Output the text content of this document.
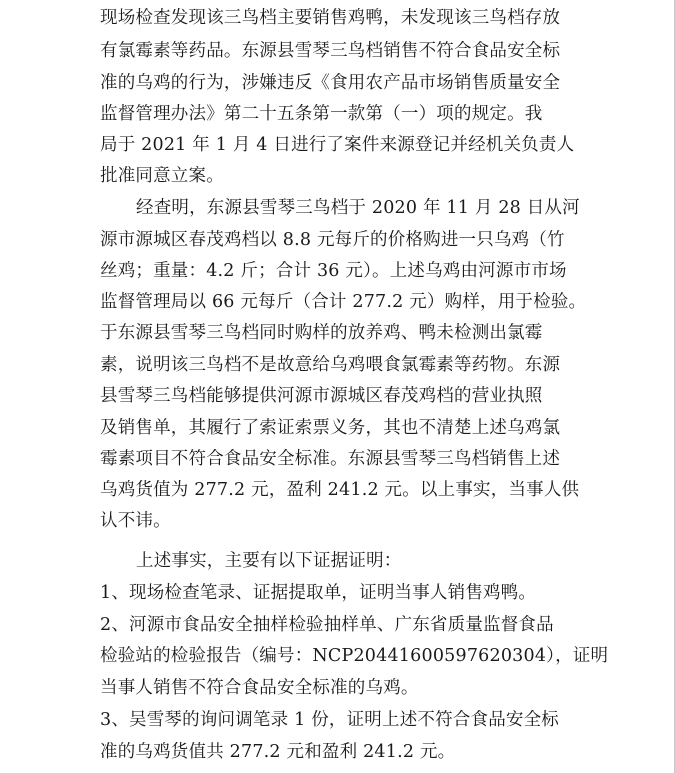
现场检查发现该三鸟档主要销售鸡鸭，未发现该三鸟档存放
有氯霉素等药品。东源县雪琴三鸟档销售不符合食品安全标
准的乌鸡的行为，涉嫌违反《食用农产品市场销售质量安全
监督管理办法》第二十五条第一款第（一）项的规定。我
局于 2021 年 1 月 4 日进行了案件来源登记并经机关负责人
批准同意立案。
经查明，东源县雪琴三鸟档于 2020 年 11 月 28 日从河
源市源城区春茂鸡档以 8.8 元每斤的价格购进一只乌鸡（竹
丝鸡；重量：4.2 斤；合计 36 元）。上述乌鸡由河源市市场
监督管理局以 66 元每斤（合计 277.2 元）购样，用于检验。
于东源县雪琴三鸟档同时购样的放养鸡、鸭未检测出氯霉
素，说明该三鸟档不是故意给乌鸡喂食氯霉素等药物。东源
县雪琴三鸟档能够提供河源市源城区春茂鸡档的营业执照
及销售单，其履行了索证索票义务，其也不清楚上述乌鸡氯
霉素项目不符合食品安全标准。东源县雪琴三鸟档销售上述
乌鸡货值为 277.2 元，盈利 241.2 元。以上事实，当事人供
认不讳。
上述事实，主要有以下证据证明：
1、现场检查笔录、证据提取单，证明当事人销售鸡鸭。
2、河源市食品安全抽样检验抽样单、广东省质量监督食品
检验站的检验报告（编号：NCP20441600597620304），证明
当事人销售不符合食品安全标准的乌鸡。
3、吴雪琴的询问调笔录 1 份，证明上述不符合食品安全标
准的乌鸡货值共 277.2 元和盈利 241.2 元。
